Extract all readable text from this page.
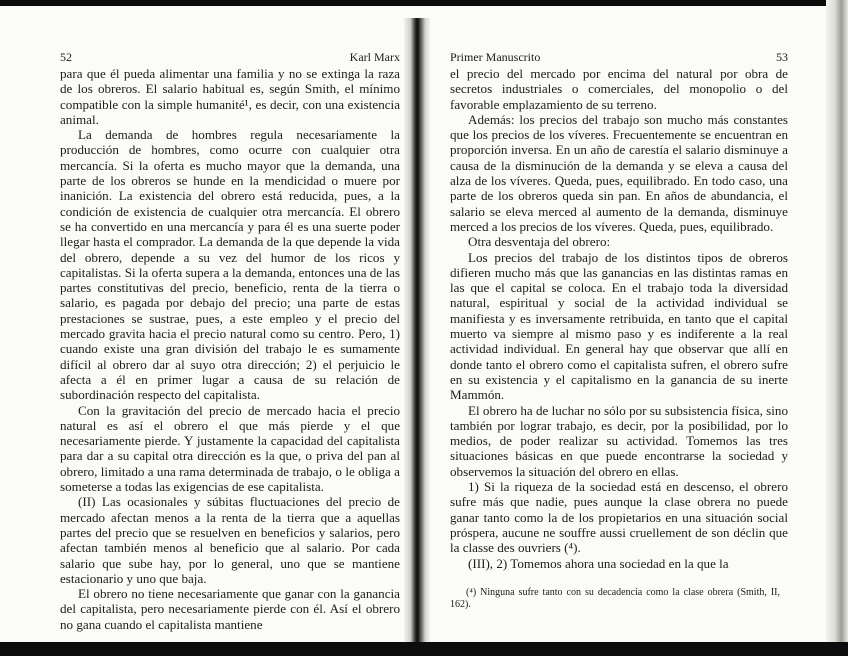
52	Karl Marx

para que él pueda alimentar una familia y no se extinga la raza de los obreros. El salario habitual es, según Smith, el mínimo compatible con la simple humanité¹, es decir, con una existencia animal.

La demanda de hombres regula necesariamente la producción de hombres, como ocurre con cualquier otra mercancía. Si la oferta es mucho mayor que la demanda, una parte de los obreros se hunde en la mendicidad o muere por inanición. La existencia del obrero está reducida, pues, a la condición de existencia de cualquier otra mercancía. El obrero se ha convertido en una mercancía y para él es una suerte poder llegar hasta el comprador. La demanda de la que depende la vida del obrero, depende a su vez del humor de los ricos y capitalistas. Si la oferta supera a la demanda, entonces una de las partes constitutivas del precio, beneficio, renta de la tierra o salario, es pagada por debajo del precio; una parte de estas prestaciones se sustrae, pues, a este empleo y el precio del mercado gravita hacia el precio natural como su centro. Pero, 1) cuando existe una gran división del trabajo le es sumamente difícil al obrero dar al suyo otra dirección; 2) el perjuicio le afecta a él en primer lugar a causa de su relación de subordinación respecto del capitalista.

Con la gravitación del precio de mercado hacia el precio natural es así el obrero el que más pierde y el que necesariamente pierde. Y justamente la capacidad del capitalista para dar a su capital otra dirección es la que, o priva del pan al obrero, limitado a una rama determinada de trabajo, o le obliga a someterse a todas las exigencias de ese capitalista.

(II) Las ocasionales y súbitas fluctuaciones del precio de mercado afectan menos a la renta de la tierra que a aquellas partes del precio que se resuelven en beneficios y salarios, pero afectan también menos al beneficio que al salario. Por cada salario que sube hay, por lo general, uno que se mantiene estacionario y uno que baja.

El obrero no tiene necesariamente que ganar con la ganancia del capitalista, pero necesariamente pierde con él. Así el obrero no gana cuando el capitalista mantiene

Primer Manuscrito	53

el precio del mercado por encima del natural por obra de secretos industriales o comerciales, del monopolio o del favorable emplazamiento de su terreno.

Además: los precios del trabajo son mucho más constantes que los precios de los víveres. Frecuentemente se encuentran en proporción inversa. En un año de carestía el salario disminuye a causa de la disminución de la demanda y se eleva a causa del alza de los víveres. Queda, pues, equilibrado. En todo caso, una parte de los obreros queda sin pan. En años de abundancia, el salario se eleva merced al aumento de la demanda, disminuye merced a los precios de los víveres. Queda, pues, equilibrado.

Otra desventaja del obrero:

Los precios del trabajo de los distintos tipos de obreros difieren mucho más que las ganancias en las distintas ramas en las que el capital se coloca. En el trabajo toda la diversidad natural, espiritual y social de la actividad individual se manifiesta y es inversamente retribuida, en tanto que el capital muerto va siempre al mismo paso y es indiferente a la real actividad individual. En general hay que observar que allí en donde tanto el obrero como el capitalista sufren, el obrero sufre en su existencia y el capitalismo en la ganancia de su inerte Mammón.

El obrero ha de luchar no sólo por su subsistencia física, sino también por lograr trabajo, es decir, por la posibilidad, por lo medios, de poder realizar su actividad. Tomemos las tres situaciones básicas en que puede encontrarse la sociedad y observemos la situación del obrero en ellas.

1) Si la riqueza de la sociedad está en descenso, el obrero sufre más que nadie, pues aunque la clase obrera no puede ganar tanto como la de los propietarios en una situación social próspera, aucune ne souffre aussi cruellement de son déclin que la classe des ouvriers (⁴).

(III), 2) Tomemos ahora una sociedad en la que la

(⁴) Ninguna sufre tanto con su decadencia como la clase obrera (Smith, II, 162).
